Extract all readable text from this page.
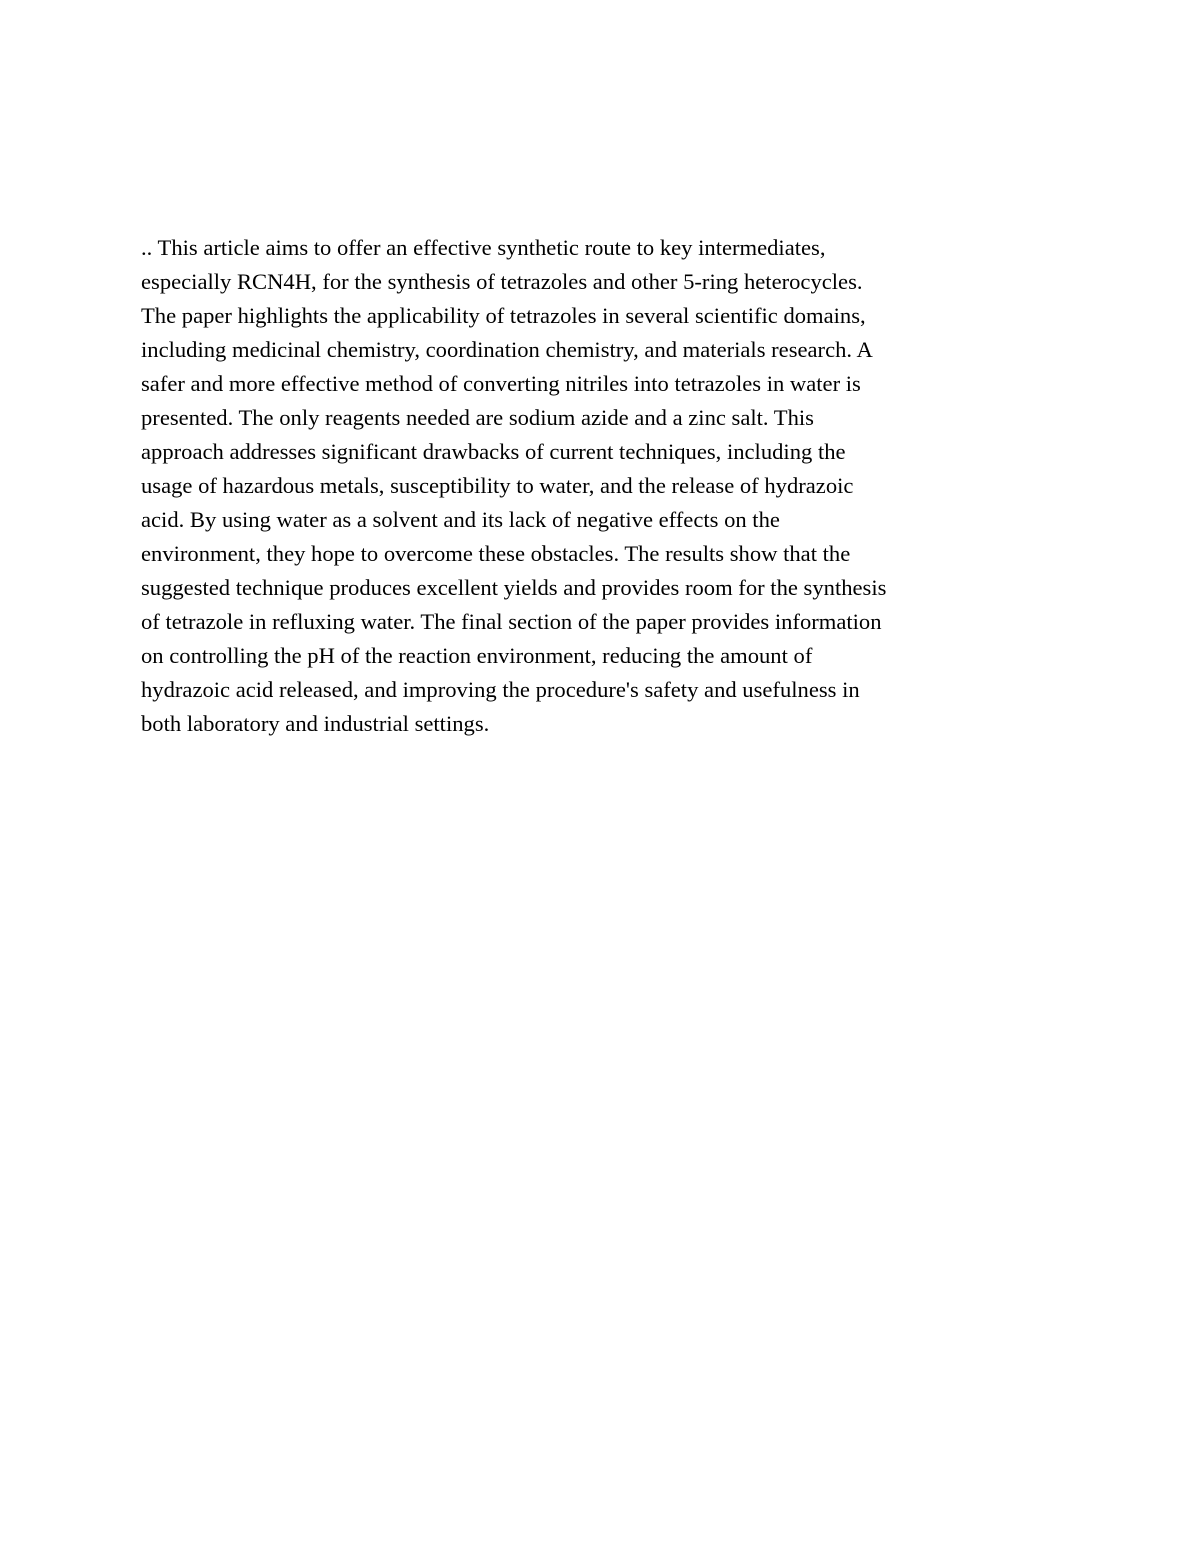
.. This article aims to offer an effective synthetic route to key intermediates,
especially RCN4H, for the synthesis of tetrazoles and other 5-ring heterocycles.
The paper highlights the applicability of tetrazoles in several scientific domains,
including medicinal chemistry, coordination chemistry, and materials research. A
safer and more effective method of converting nitriles into tetrazoles in water is
presented. The only reagents needed are sodium azide and a zinc salt. This
approach addresses significant drawbacks of current techniques, including the
usage of hazardous metals, susceptibility to water, and the release of hydrazoic
acid. By using water as a solvent and its lack of negative effects on the
environment, they hope to overcome these obstacles. The results show that the
suggested technique produces excellent yields and provides room for the synthesis
of tetrazole in refluxing water. The final section of the paper provides information
on controlling the pH of the reaction environment, reducing the amount of
hydrazoic acid released, and improving the procedure's safety and usefulness in
both laboratory and industrial settings.
